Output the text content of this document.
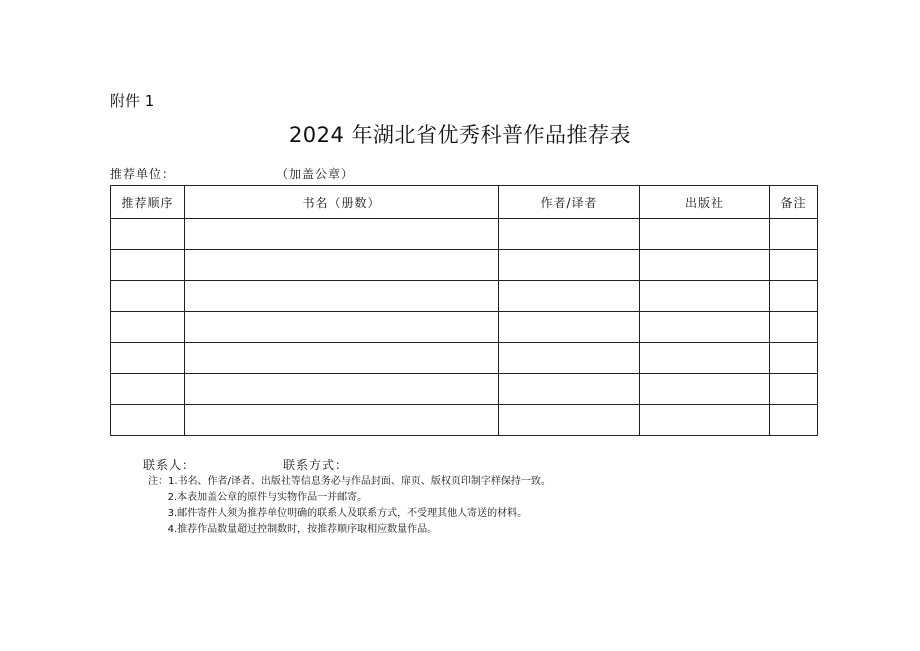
附件 1
2024 年湖北省优秀科普作品推荐表
推荐单位：	（加盖公章）
推荐顺序	书名（册数）	作者/译者	出版社	备注

联系人：	联系方式：
注：1.书名、作者/译者、出版社等信息务必与作品封面、扉页、版权页印制字样保持一致。
2.本表加盖公章的原件与实物作品一并邮寄。
3.邮件寄件人须为推荐单位明确的联系人及联系方式，不受理其他人寄送的材料。
4.推荐作品数量超过控制数时，按推荐顺序取相应数量作品。
